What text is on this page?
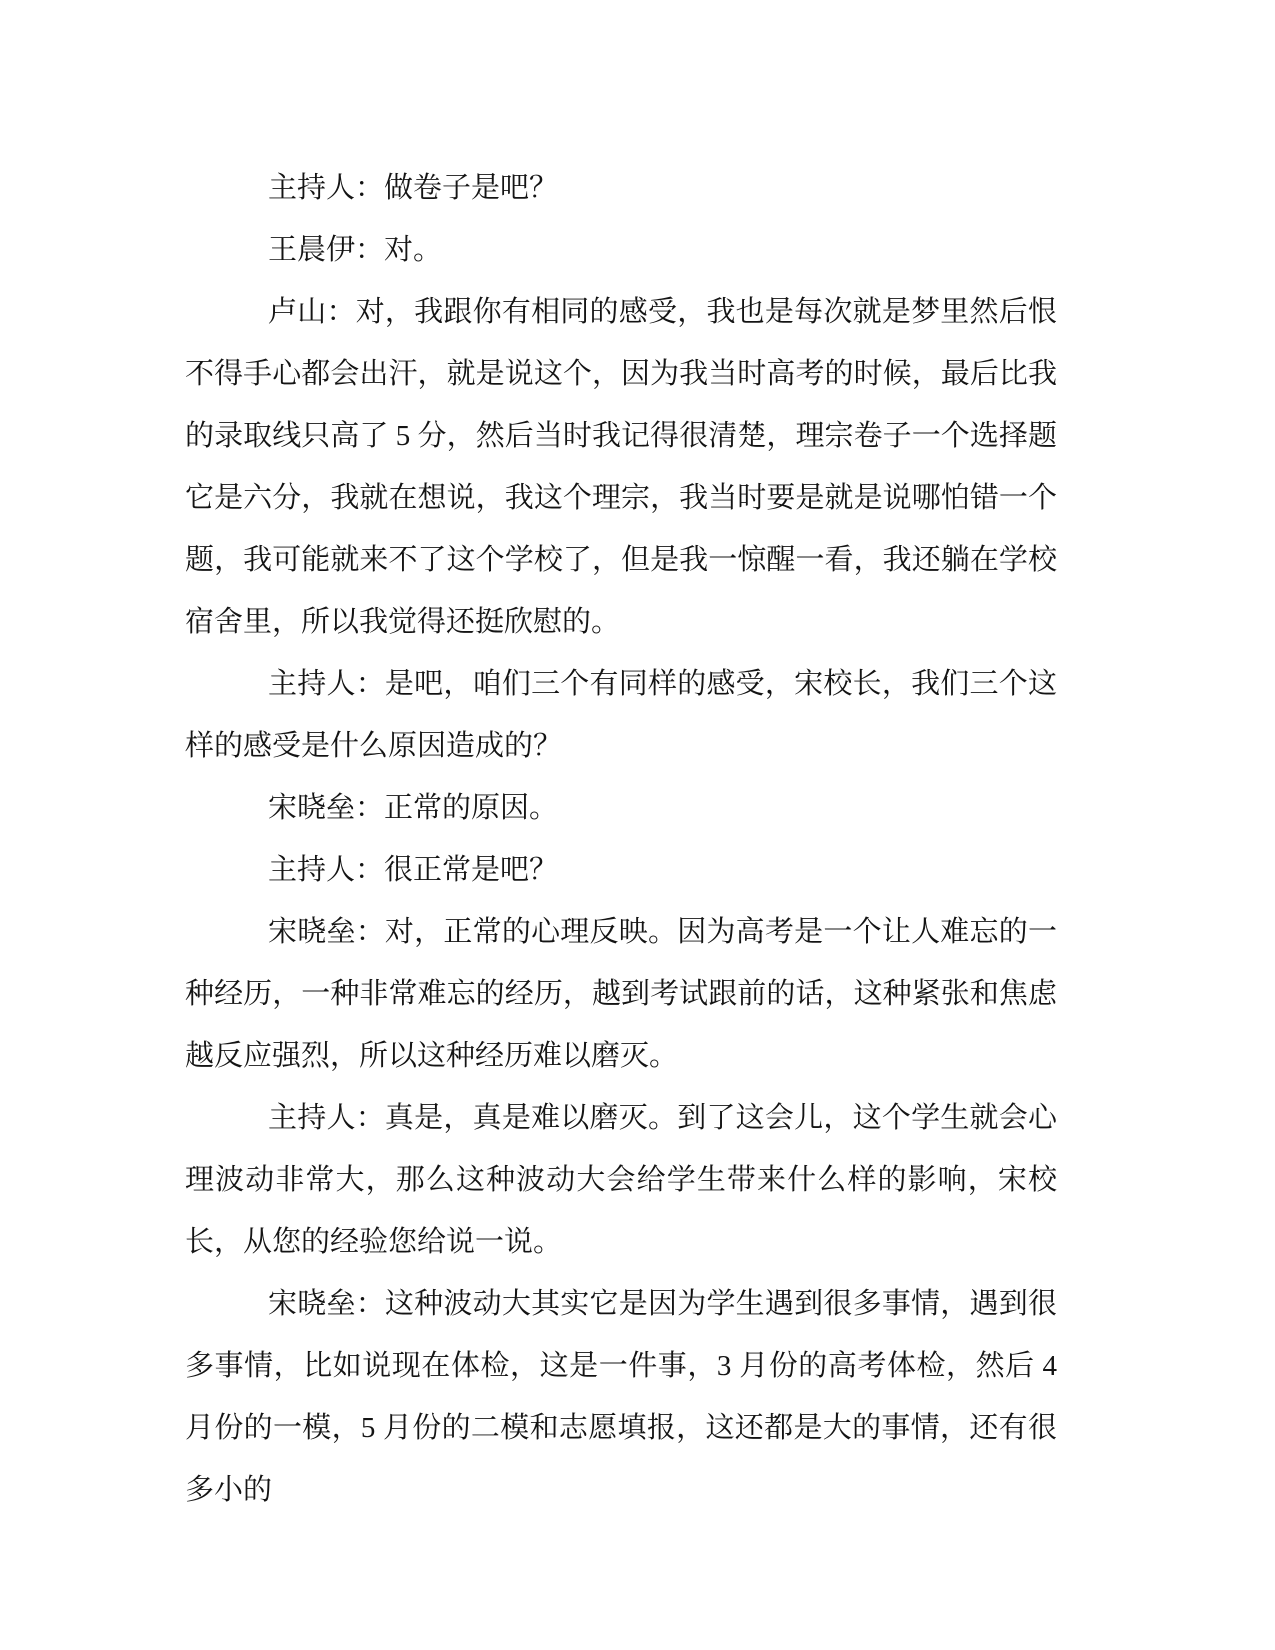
主持人：做卷子是吧？

王晨伊：对。

卢山：对，我跟你有相同的感受，我也是每次就是梦里然后恨不得手心都会出汗，就是说这个，因为我当时高考的时候，最后比我的录取线只高了 5 分，然后当时我记得很清楚，理宗卷子一个选择题它是六分，我就在想说，我这个理宗，我当时要是就是说哪怕错一个题，我可能就来不了这个学校了，但是我一惊醒一看，我还躺在学校宿舍里，所以我觉得还挺欣慰的。

主持人：是吧，咱们三个有同样的感受，宋校长，我们三个这样的感受是什么原因造成的？

宋晓垒：正常的原因。

主持人：很正常是吧？

宋晓垒：对，正常的心理反映。因为高考是一个让人难忘的一种经历，一种非常难忘的经历，越到考试跟前的话，这种紧张和焦虑越反应强烈，所以这种经历难以磨灭。

主持人：真是，真是难以磨灭。到了这会儿，这个学生就会心理波动非常大，那么这种波动大会给学生带来什么样的影响，宋校长，从您的经验您给说一说。

宋晓垒：这种波动大其实它是因为学生遇到很多事情，遇到很多事情，比如说现在体检，这是一件事，3 月份的高考体检，然后 4 月份的一模，5 月份的二模和志愿填报，这还都是大的事情，还有很多小的
